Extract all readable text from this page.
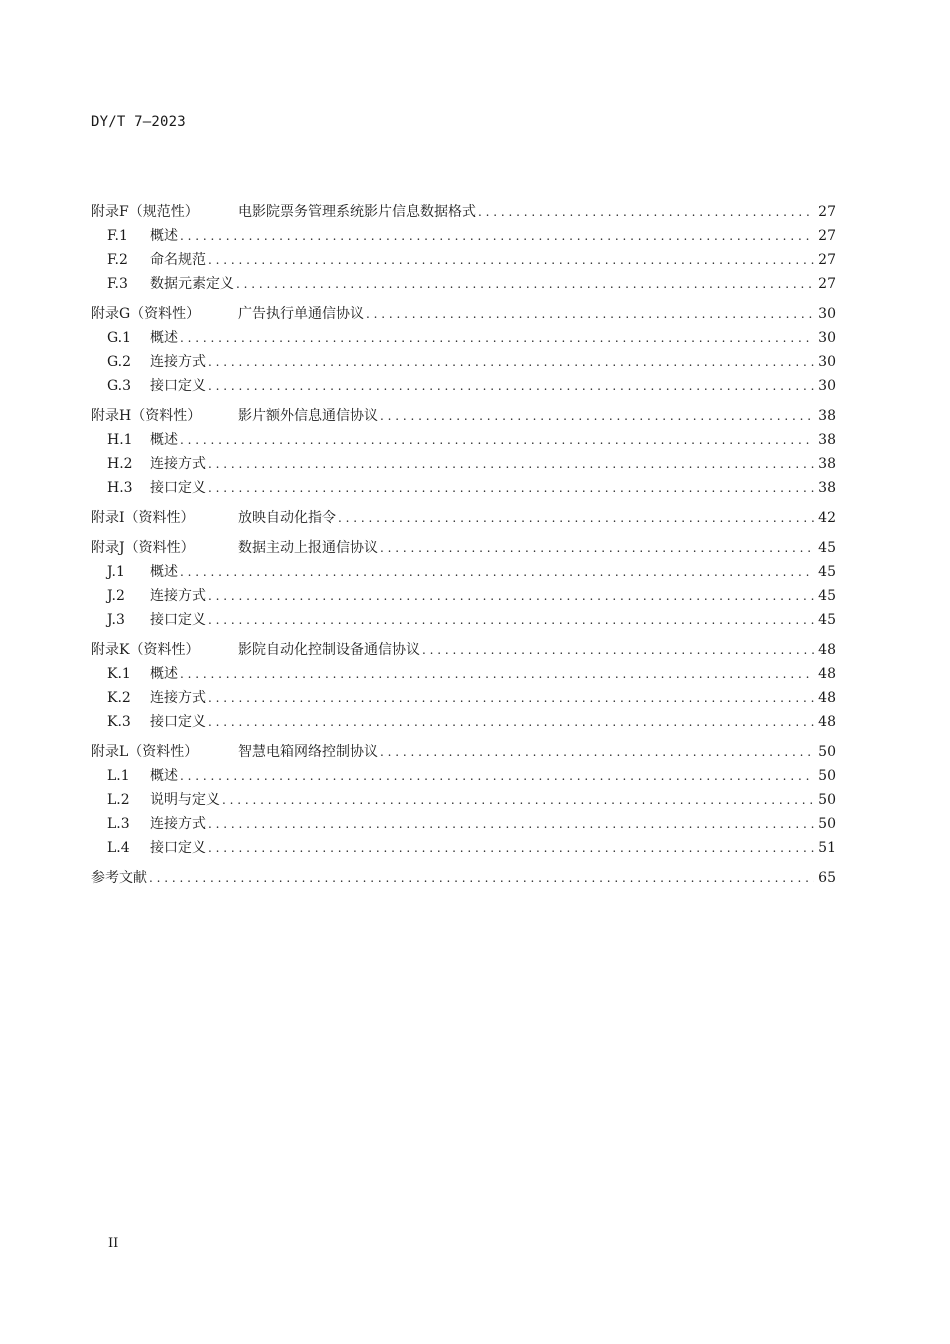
DY/T 7—2023
附录F（规范性）	电影院票务管理系统影片信息数据格式 . . .	27
F.1 概述 . . .	27
F.2 命名规范 . . .	27
F.3 数据元素定义 . . .	27
附录G（资料性）	广告执行单通信协议 . . .	30
G.1 概述 . . .	30
G.2 连接方式 . . .	30
G.3 接口定义 . . .	30
附录H（资料性）	影片额外信息通信协议 . . .	38
H.1 概述 . . .	38
H.2 连接方式 . . .	38
H.3 接口定义 . . .	38
附录I（资料性）	放映自动化指令 . . .	42
附录J（资料性）	数据主动上报通信协议 . . .	45
J.1 概述 . . .	45
J.2 连接方式 . . .	45
J.3 接口定义 . . .	45
附录K（资料性）	影院自动化控制设备通信协议 . . .	48
K.1 概述 . . .	48
K.2 连接方式 . . .	48
K.3 接口定义 . . .	48
附录L（资料性）	智慧电箱网络控制协议 . . .	50
L.1 概述 . . .	50
L.2 说明与定义 . . .	50
L.3 连接方式 . . .	50
L.4 接口定义 . . .	51
参考文献 . . .	65
II
